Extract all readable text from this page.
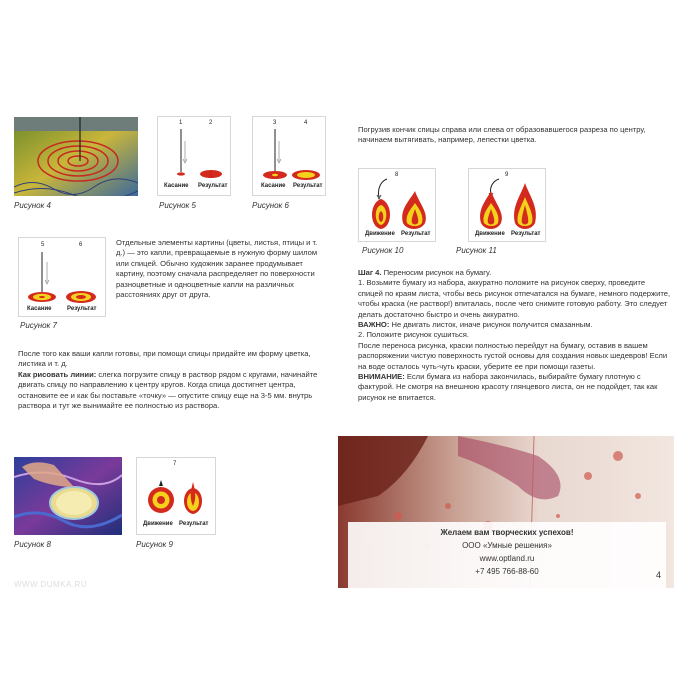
Рисунок 4
1	2
Касание Результат
Рисунок 5
3	4
Касание Результат
Рисунок 6
5	6
Касание	Результат
Рисунок 7

Отдельные элементы картины (цветы, листья, птицы и т. д.) — это капли, превращаемые в нужную форму шилом или спицей. Обычно художник заранее продумывает картину, поэтому сначала распределяет по поверхности разноцветные и одноцветные капли на различных расстояниях друг от друга.

После того как ваши капли готовы, при помощи спицы придайте им форму цветка, листика и т. д.

Как рисовать линии: слегка погрузите спицу в раствор рядом с кругами, начинайте двигать спицу по направлению к центру кругов. Когда спица достигнет центра, остановите ее и как бы поставьте «точку» — опустите спицу еще на 3-5 мм. внутрь раствора и тут же вынимайте ее полностью из раствора.

Рисунок 8
7
Движение Результат
Рисунок 9
WWW.DUMKA.RU

Погрузив кончик спицы справа или слева от образовавшегося разреза по центру, начинаем вытягивать, например, лепестки цветка.

8
Движение Результат
Рисунок 10
9
Движение Результат
Рисунок 11

Шаг 4. Переносим рисунок на бумагу.

1. Возьмите бумагу из набора, аккуратно положите на рисунок сверху, проведите спицей по краям листа, чтобы весь рисунок отпечатался на бумаге, немного подержите, чтобы краска (не раствор!) впиталась, после чего снимите готовую работу. Это следует делать достаточно быстро и очень аккуратно.

ВАЖНО: Не двигать листок, иначе рисунок получится смазанным.

2. Положите рисунок сушиться.

После переноса рисунка, краски полностью перейдут на бумагу, оставив в вашем распоряжении чистую поверхность густой основы для создания новых шедевров! Если на воде осталось чуть-чуть краски, уберите ее при помощи газеты.

ВНИМАНИЕ: Если бумага из набора закончилась, выбирайте бумагу плотную с фактурой. Не смотря на внешнюю красоту глянцевого листа, он не подойдет, так как рисунок не впитается.

Желаем вам творческих успехов!
ООО «Умные решения»
www.optland.ru
+7 495 766-88-60	4
